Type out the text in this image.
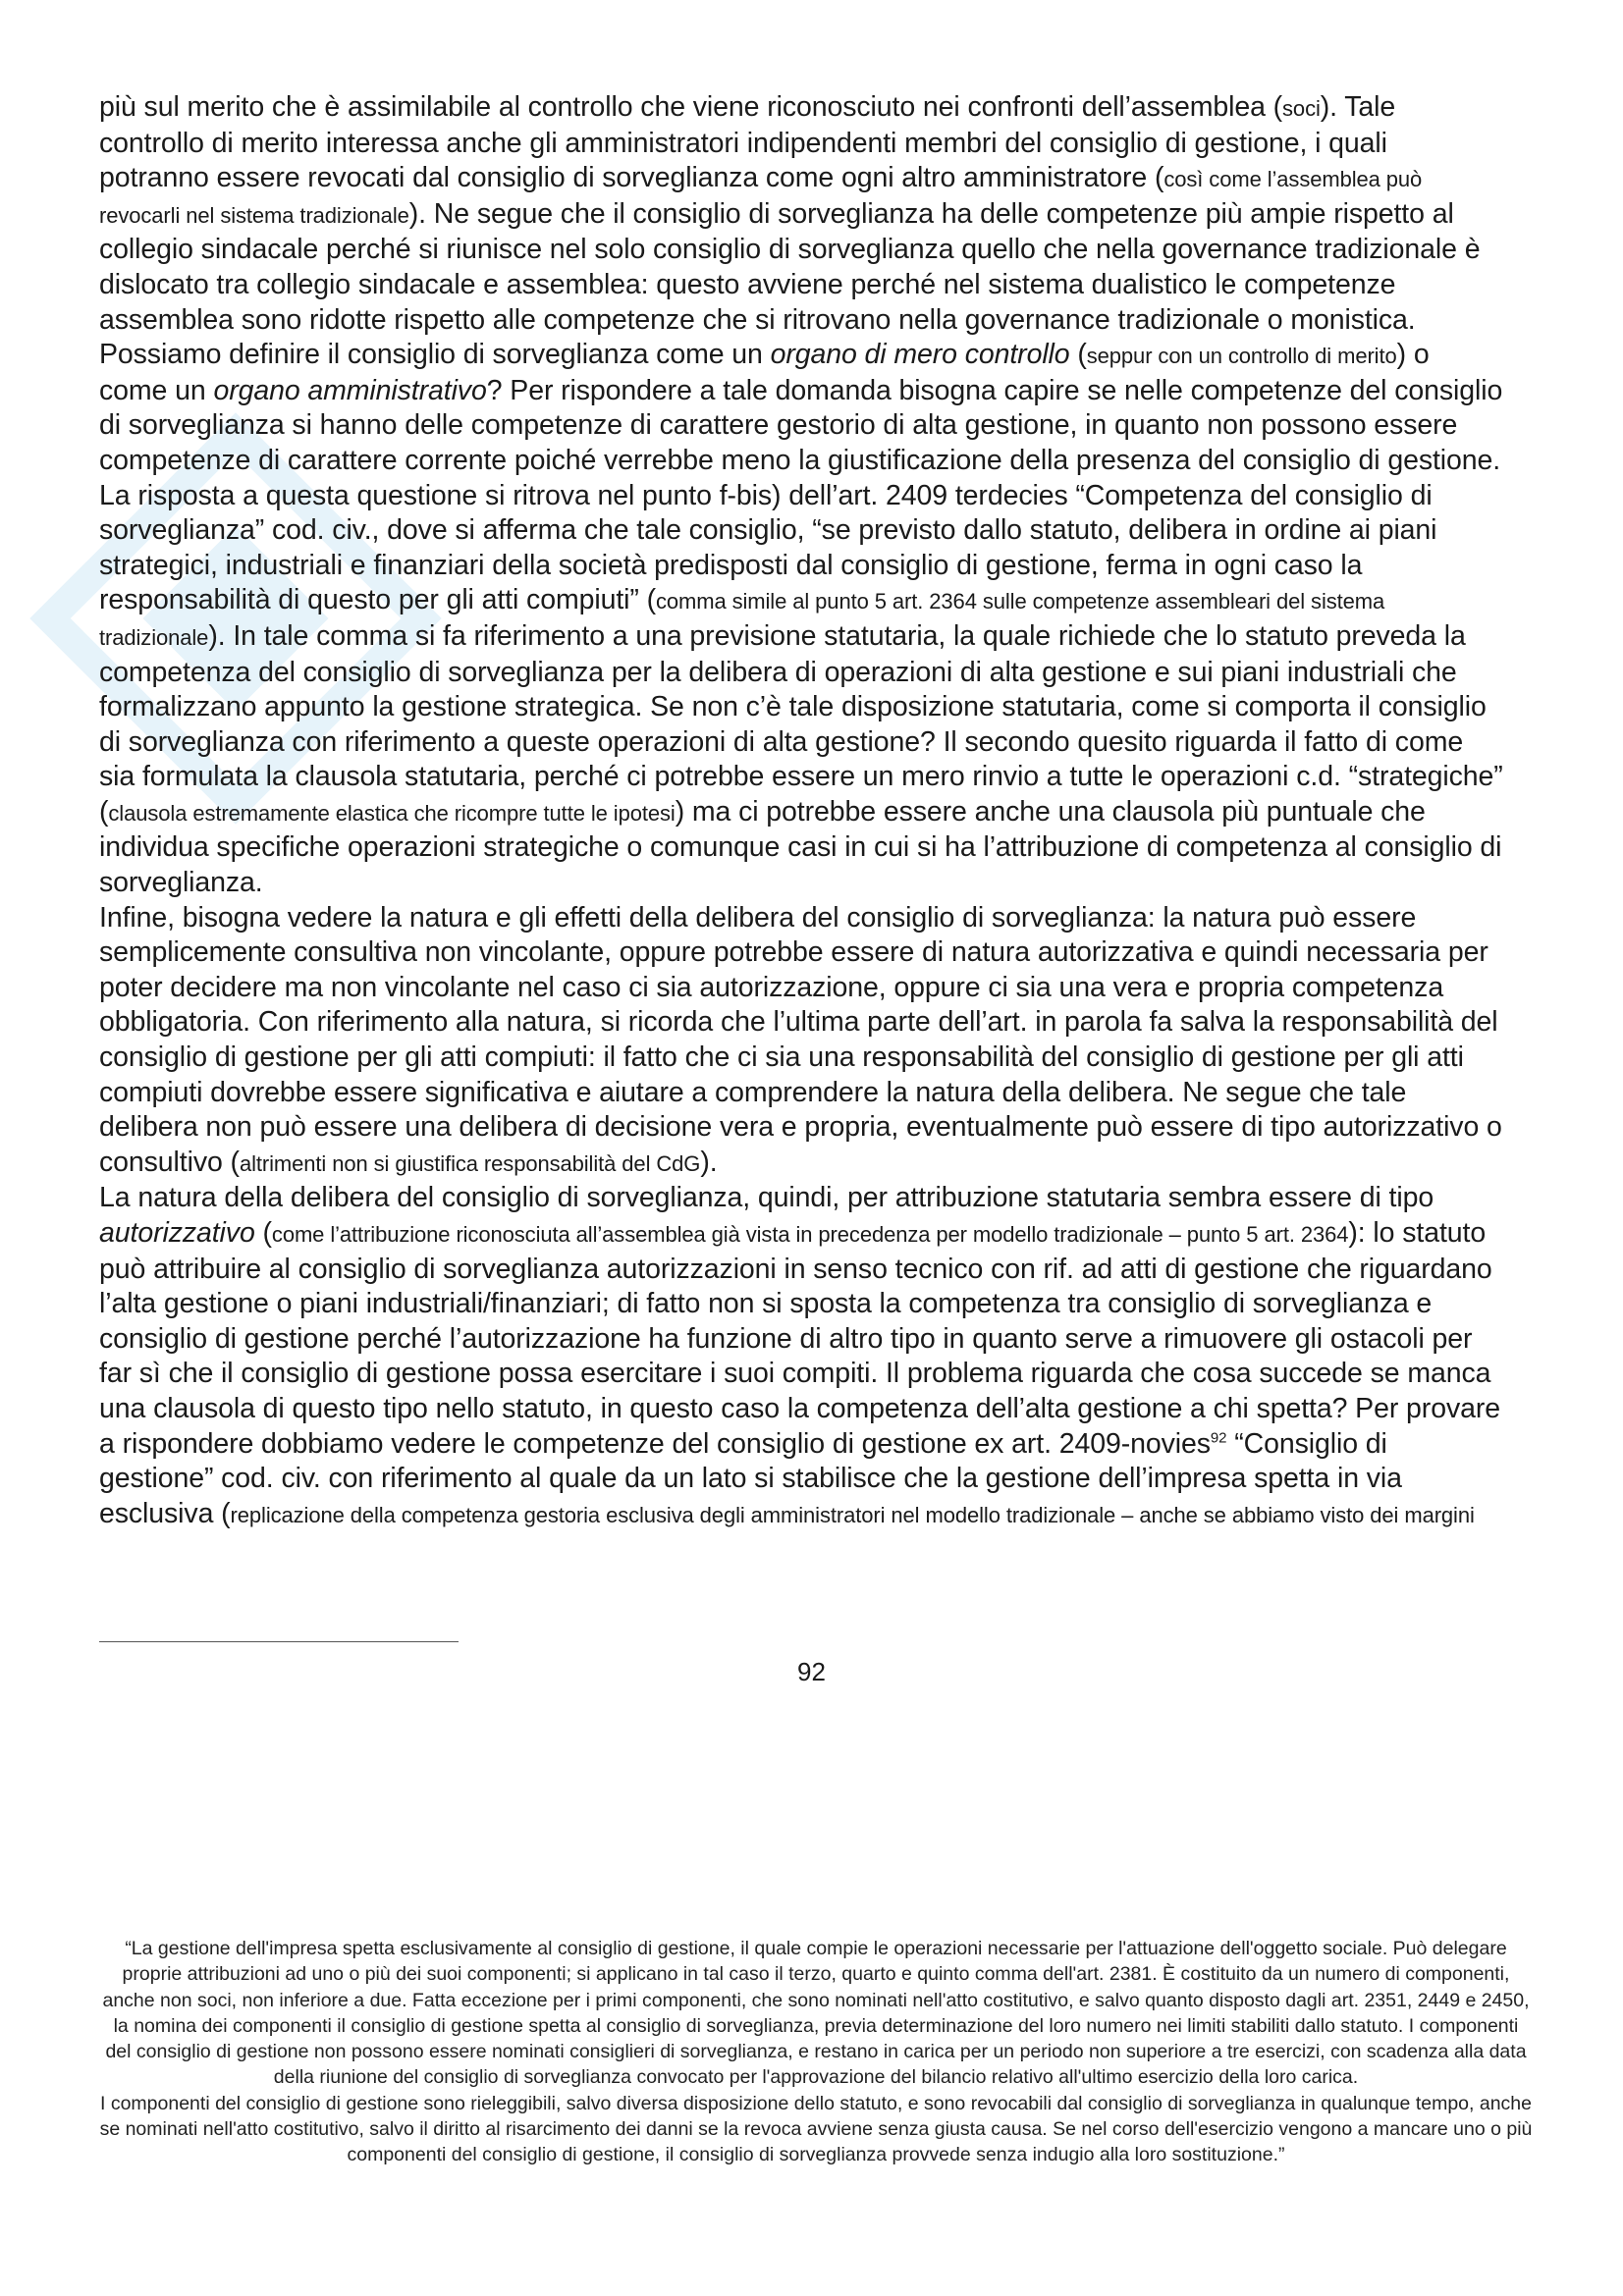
più sul merito che è assimilabile al controllo che viene riconosciuto nei confronti dell’assemblea (soci). Tale controllo di merito interessa anche gli amministratori indipendenti membri del consiglio di gestione, i quali potranno essere revocati dal consiglio di sorveglianza come ogni altro amministratore (così come l’assemblea può revocarli nel sistema tradizionale). Ne segue che il consiglio di sorveglianza ha delle competenze più ampie rispetto al collegio sindacale perché si riunisce nel solo consiglio di sorveglianza quello che nella governance tradizionale è dislocato tra collegio sindacale e assemblea: questo avviene perché nel sistema dualistico le competenze assemblea sono ridotte rispetto alle competenze che si ritrovano nella governance tradizionale o monistica.

Possiamo definire il consiglio di sorveglianza come un organo di mero controllo (seppur con un controllo di merito) o come un organo amministrativo? Per rispondere a tale domanda bisogna capire se nelle competenze del consiglio di sorveglianza si hanno delle competenze di carattere gestorio di alta gestione, in quanto non possono essere competenze di carattere corrente poiché verrebbe meno la giustificazione della presenza del consiglio di gestione.

La risposta a questa questione si ritrova nel punto f-bis) dell’art. 2409 terdecies “Competenza del consiglio di sorveglianza” cod. civ., dove si afferma che tale consiglio, “se previsto dallo statuto, delibera in ordine ai piani strategici, industriali e finanziari della società predisposti dal consiglio di gestione, ferma in ogni caso la responsabilità di questo per gli atti compiuti” (comma simile al punto 5 art. 2364 sulle competenze assembleari del sistema tradizionale). In tale comma si fa riferimento a una previsione statutaria, la quale richiede che lo statuto preveda la competenza del consiglio di sorveglianza per la delibera di operazioni di alta gestione e sui piani industriali che formalizzano appunto la gestione strategica. Se non c’è tale disposizione statutaria, come si comporta il consiglio di sorveglianza con riferimento a queste operazioni di alta gestione? Il secondo quesito riguarda il fatto di come sia formulata la clausola statutaria, perché ci potrebbe essere un mero rinvio a tutte le operazioni c.d. “strategiche” (clausola estremamente elastica che ricompre tutte le ipotesi) ma ci potrebbe essere anche una clausola più puntuale che individua specifiche operazioni strategiche o comunque casi in cui si ha l’attribuzione di competenza al consiglio di sorveglianza.

Infine, bisogna vedere la natura e gli effetti della delibera del consiglio di sorveglianza: la natura può essere semplicemente consultiva non vincolante, oppure potrebbe essere di natura autorizzativa e quindi necessaria per poter decidere ma non vincolante nel caso ci sia autorizzazione, oppure ci sia una vera e propria competenza obbligatoria. Con riferimento alla natura, si ricorda che l’ultima parte dell’art. in parola fa salva la responsabilità del consiglio di gestione per gli atti compiuti: il fatto che ci sia una responsabilità del consiglio di gestione per gli atti compiuti dovrebbe essere significativa e aiutare a comprendere la natura della delibera. Ne segue che tale delibera non può essere una delibera di decisione vera e propria, eventualmente può essere di tipo autorizzativo o consultivo (altrimenti non si giustifica responsabilità del CdG).

La natura della delibera del consiglio di sorveglianza, quindi, per attribuzione statutaria sembra essere di tipo autorizzativo (come l’attribuzione riconosciuta all’assemblea già vista in precedenza per modello tradizionale – punto 5 art. 2364): lo statuto può attribuire al consiglio di sorveglianza autorizzazioni in senso tecnico con rif. ad atti di gestione che riguardano l’alta gestione o piani industriali/finanziari; di fatto non si sposta la competenza tra consiglio di sorveglianza e consiglio di gestione perché l’autorizzazione ha funzione di altro tipo in quanto serve a rimuovere gli ostacoli per far sì che il consiglio di gestione possa esercitare i suoi compiti. Il problema riguarda che cosa succede se manca una clausola di questo tipo nello statuto, in questo caso la competenza dell’alta gestione a chi spetta? Per provare a rispondere dobbiamo vedere le competenze del consiglio di gestione ex art. 2409-novies$^{92}$ “Consiglio di gestione” cod. civ. con riferimento al quale da un lato si stabilisce che la gestione dell’impresa spetta in via esclusiva (replicazione della competenza gestoria esclusiva degli amministratori nel modello tradizionale – anche se abbiamo visto dei margini

92

“La gestione dell'impresa spetta esclusivamente al consiglio di gestione, il quale compie le operazioni necessarie per l'attuazione dell'oggetto sociale. Può delegare proprie attribuzioni ad uno o più dei suoi componenti; si applicano in tal caso il terzo, quarto e quinto comma dell'art. 2381. È costituito da un numero di componenti, anche non soci, non inferiore a due. Fatta eccezione per i primi componenti, che sono nominati nell'atto costitutivo, e salvo quanto disposto dagli art. 2351, 2449 e 2450, la nomina dei componenti il consiglio di gestione spetta al consiglio di sorveglianza, previa determinazione del loro numero nei limiti stabiliti dallo statuto. I componenti del consiglio di gestione non possono essere nominati consiglieri di sorveglianza, e restano in carica per un periodo non superiore a tre esercizi, con scadenza alla data della riunione del consiglio di sorveglianza convocato per l'approvazione del bilancio relativo all'ultimo esercizio della loro carica.

I componenti del consiglio di gestione sono rieleggibili, salvo diversa disposizione dello statuto, e sono revocabili dal consiglio di sorveglianza in qualunque tempo, anche se nominati nell'atto costitutivo, salvo il diritto al risarcimento dei danni se la revoca avviene senza giusta causa. Se nel corso dell'esercizio vengono a mancare uno o più componenti del consiglio di gestione, il consiglio di sorveglianza provvede senza indugio alla loro sostituzione.”
